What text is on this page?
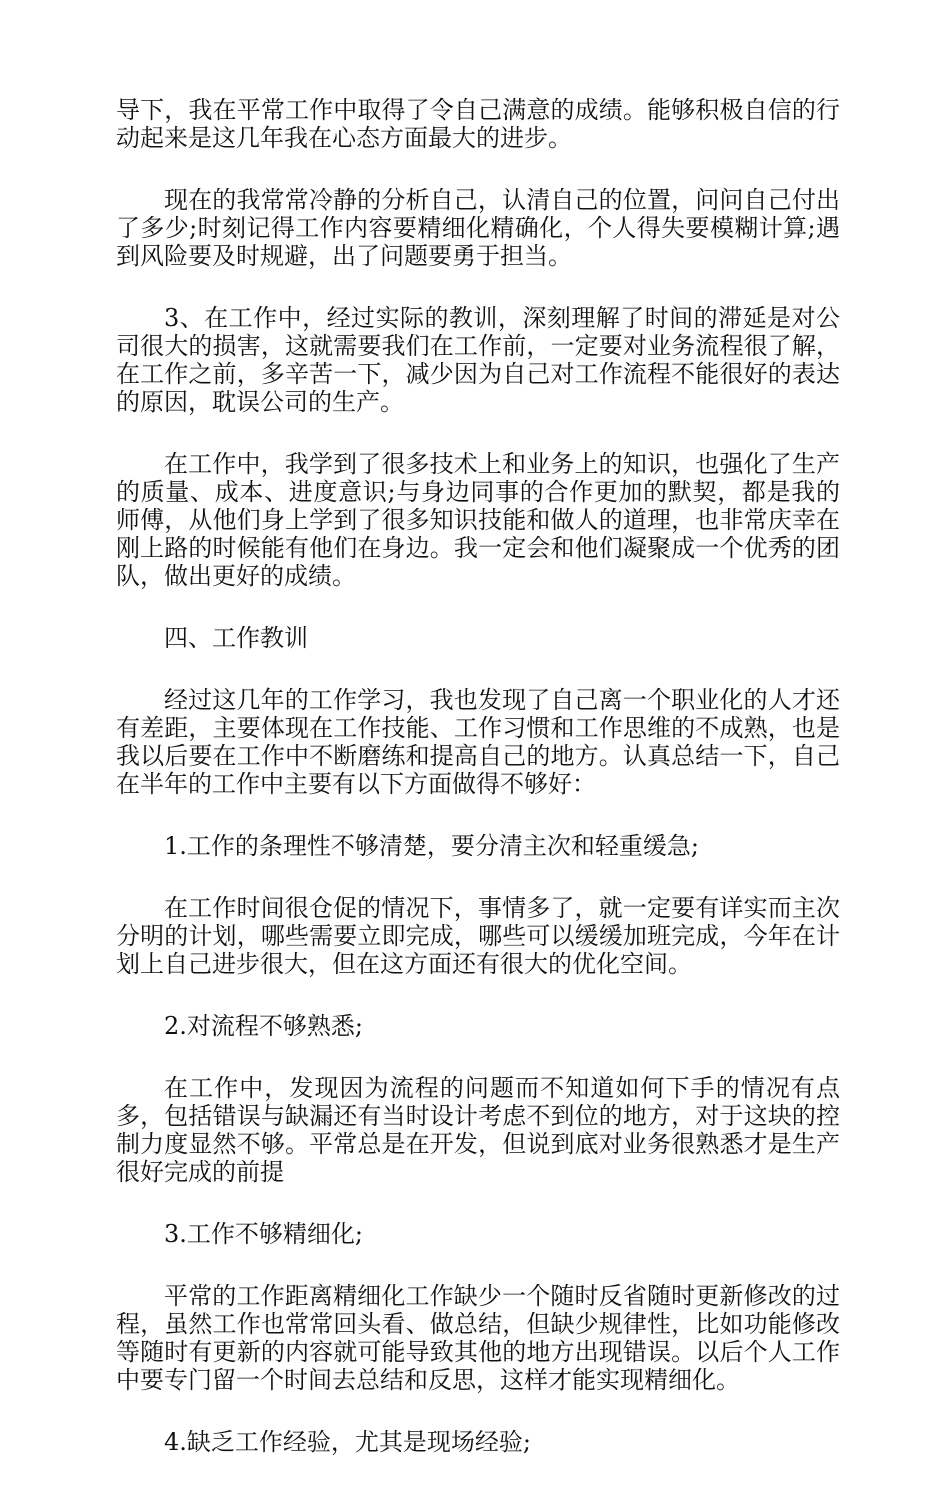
导下，我在平常工作中取得了令自己满意的成绩。能够积极自信的行动起来是这几年我在心态方面最大的进步。

现在的我常常冷静的分析自己，认清自己的位置，问问自己付出了多少;时刻记得工作内容要精细化精确化，个人得失要模糊计算;遇到风险要及时规避，出了问题要勇于担当。

3、在工作中，经过实际的教训，深刻理解了时间的滞延是对公司很大的损害，这就需要我们在工作前，一定要对业务流程很了解，在工作之前，多辛苦一下，减少因为自己对工作流程不能很好的表达的原因，耽误公司的生产。

在工作中，我学到了很多技术上和业务上的知识，也强化了生产的质量、成本、进度意识;与身边同事的合作更加的默契，都是我的师傅，从他们身上学到了很多知识技能和做人的道理，也非常庆幸在刚上路的时候能有他们在身边。我一定会和他们凝聚成一个优秀的团队，做出更好的成绩。

四、工作教训

经过这几年的工作学习，我也发现了自己离一个职业化的人才还有差距，主要体现在工作技能、工作习惯和工作思维的不成熟，也是我以后要在工作中不断磨练和提高自己的地方。认真总结一下，自己在半年的工作中主要有以下方面做得不够好：

1.工作的条理性不够清楚，要分清主次和轻重缓急;

在工作时间很仓促的情况下，事情多了，就一定要有详实而主次分明的计划，哪些需要立即完成，哪些可以缓缓加班完成，今年在计划上自己进步很大，但在这方面还有很大的优化空间。

2.对流程不够熟悉;

在工作中，发现因为流程的问题而不知道如何下手的情况有点多，包括错误与缺漏还有当时设计考虑不到位的地方，对于这块的控制力度显然不够。平常总是在开发，但说到底对业务很熟悉才是生产很好完成的前提

3.工作不够精细化;

平常的工作距离精细化工作缺少一个随时反省随时更新修改的过程，虽然工作也常常回头看、做总结，但缺少规律性，比如功能修改等随时有更新的内容就可能导致其他的地方出现错误。以后个人工作中要专门留一个时间去总结和反思，这样才能实现精细化。

4.缺乏工作经验，尤其是现场经验;
